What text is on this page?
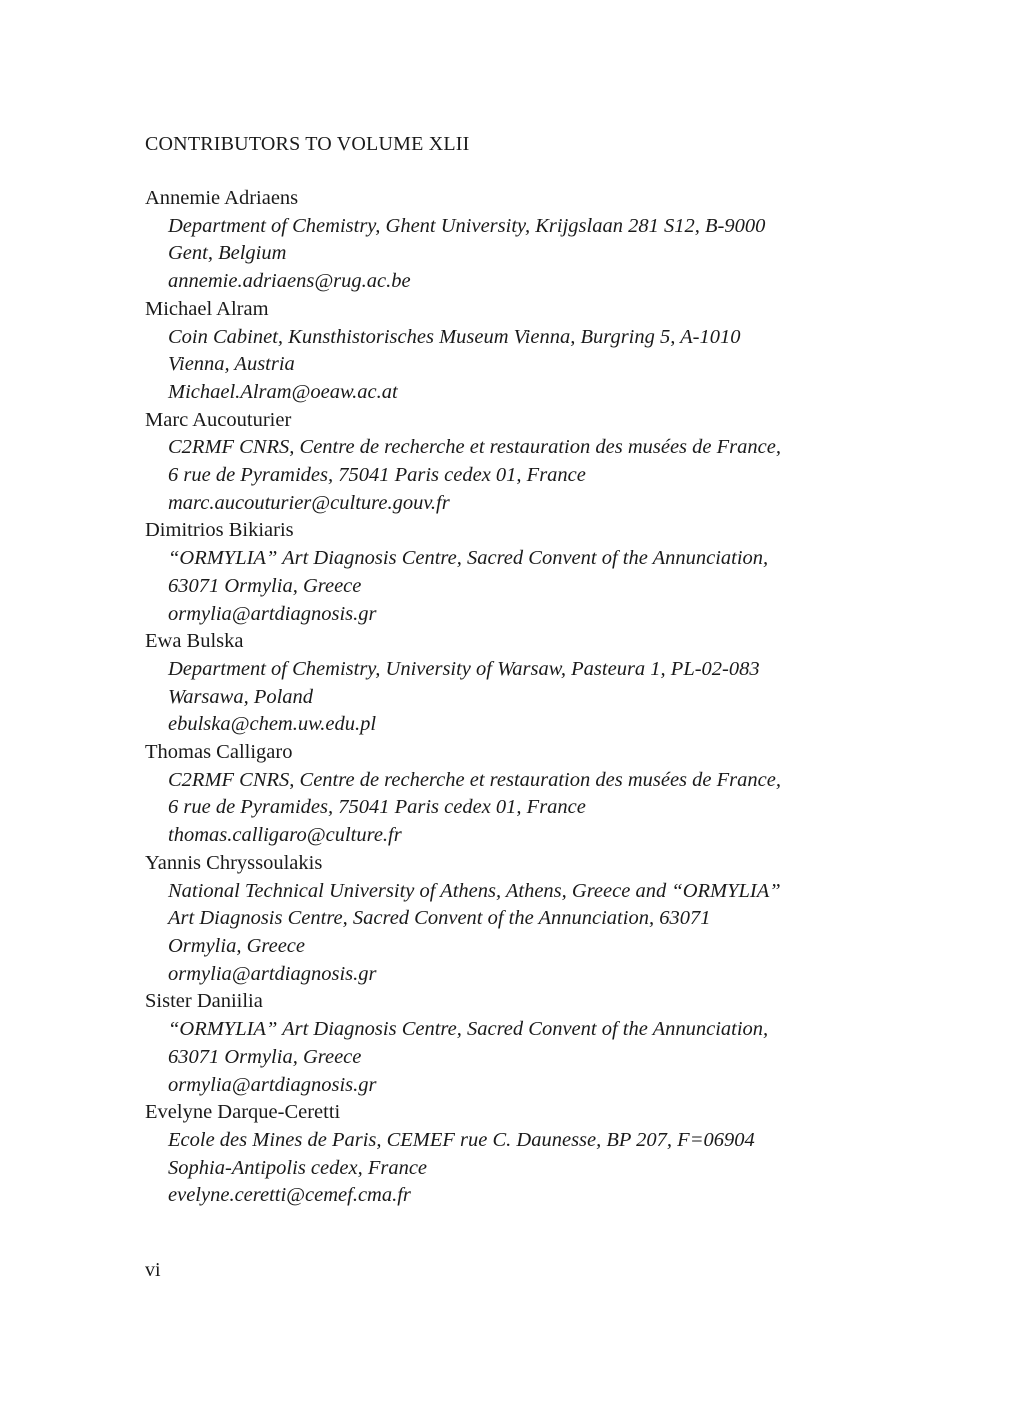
CONTRIBUTORS TO VOLUME XLII
Annemie Adriaens
Department of Chemistry, Ghent University, Krijgslaan 281 S12, B-9000
Gent, Belgium
annemie.adriaens@rug.ac.be
Michael Alram
Coin Cabinet, Kunsthistorisches Museum Vienna, Burgring 5, A-1010
Vienna, Austria
Michael.Alram@oeaw.ac.at
Marc Aucouturier
C2RMF CNRS, Centre de recherche et restauration des musées de France,
6 rue de Pyramides, 75041 Paris cedex 01, France
marc.aucouturier@culture.gouv.fr
Dimitrios Bikiaris
“ORMYLIA” Art Diagnosis Centre, Sacred Convent of the Annunciation,
63071 Ormylia, Greece
ormylia@artdiagnosis.gr
Ewa Bulska
Department of Chemistry, University of Warsaw, Pasteura 1, PL-02-083
Warsawa, Poland
ebulska@chem.uw.edu.pl
Thomas Calligaro
C2RMF CNRS, Centre de recherche et restauration des musées de France,
6 rue de Pyramides, 75041 Paris cedex 01, France
thomas.calligaro@culture.fr
Yannis Chryssoulakis
National Technical University of Athens, Athens, Greece and “ORMYLIA”
Art Diagnosis Centre, Sacred Convent of the Annunciation, 63071
Ormylia, Greece
ormylia@artdiagnosis.gr
Sister Daniilia
“ORMYLIA” Art Diagnosis Centre, Sacred Convent of the Annunciation,
63071 Ormylia, Greece
ormylia@artdiagnosis.gr
Evelyne Darque-Ceretti
Ecole des Mines de Paris, CEMEF rue C. Daunesse, BP 207, F=06904
Sophia-Antipolis cedex, France
evelyne.ceretti@cemef.cma.fr
vi
